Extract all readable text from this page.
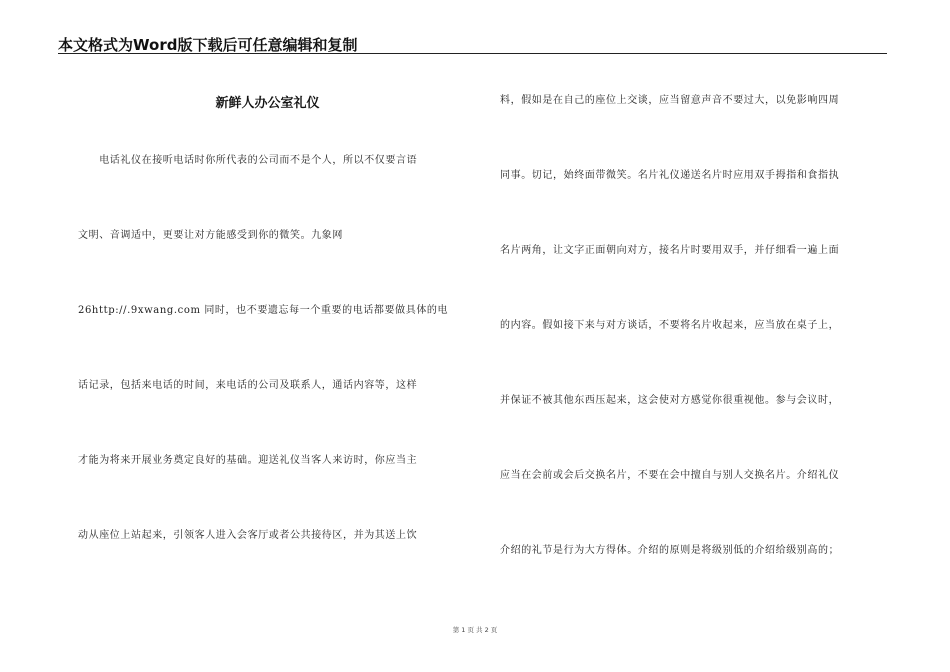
本文格式为Word版下载后可任意编辑和复制
新鲜人办公室礼仪
　　电话礼仪在接听电话时你所代表的公司而不是个人，所以不仅要言语
文明、音调适中，更要让对方能感受到你的微笑。九象网
26http://.9xwang.com 同时，也不要遗忘每一个重要的电话都要做具体的电
话记录，包括来电话的时间，来电话的公司及联系人，通话内容等，这样
才能为将来开展业务奠定良好的基础。迎送礼仪当客人来访时，你应当主
动从座位上站起来，引领客人进入会客厅或者公共接待区，并为其送上饮
料，假如是在自己的座位上交谈，应当留意声音不要过大，以免影响四周
同事。切记，始终面带微笑。名片礼仪递送名片时应用双手拇指和食指执
名片两角，让文字正面朝向对方，接名片时要用双手，并仔细看一遍上面
的内容。假如接下来与对方谈话，不要将名片收起来，应当放在桌子上，
并保证不被其他东西压起来，这会使对方感觉你很重视他。参与会议时，
应当在会前或会后交换名片，不要在会中擅自与别人交换名片。介绍礼仪
介绍的礼节是行为大方得体。介绍的原则是将级别低的介绍给级别高的；
第 1 页 共 2 页
